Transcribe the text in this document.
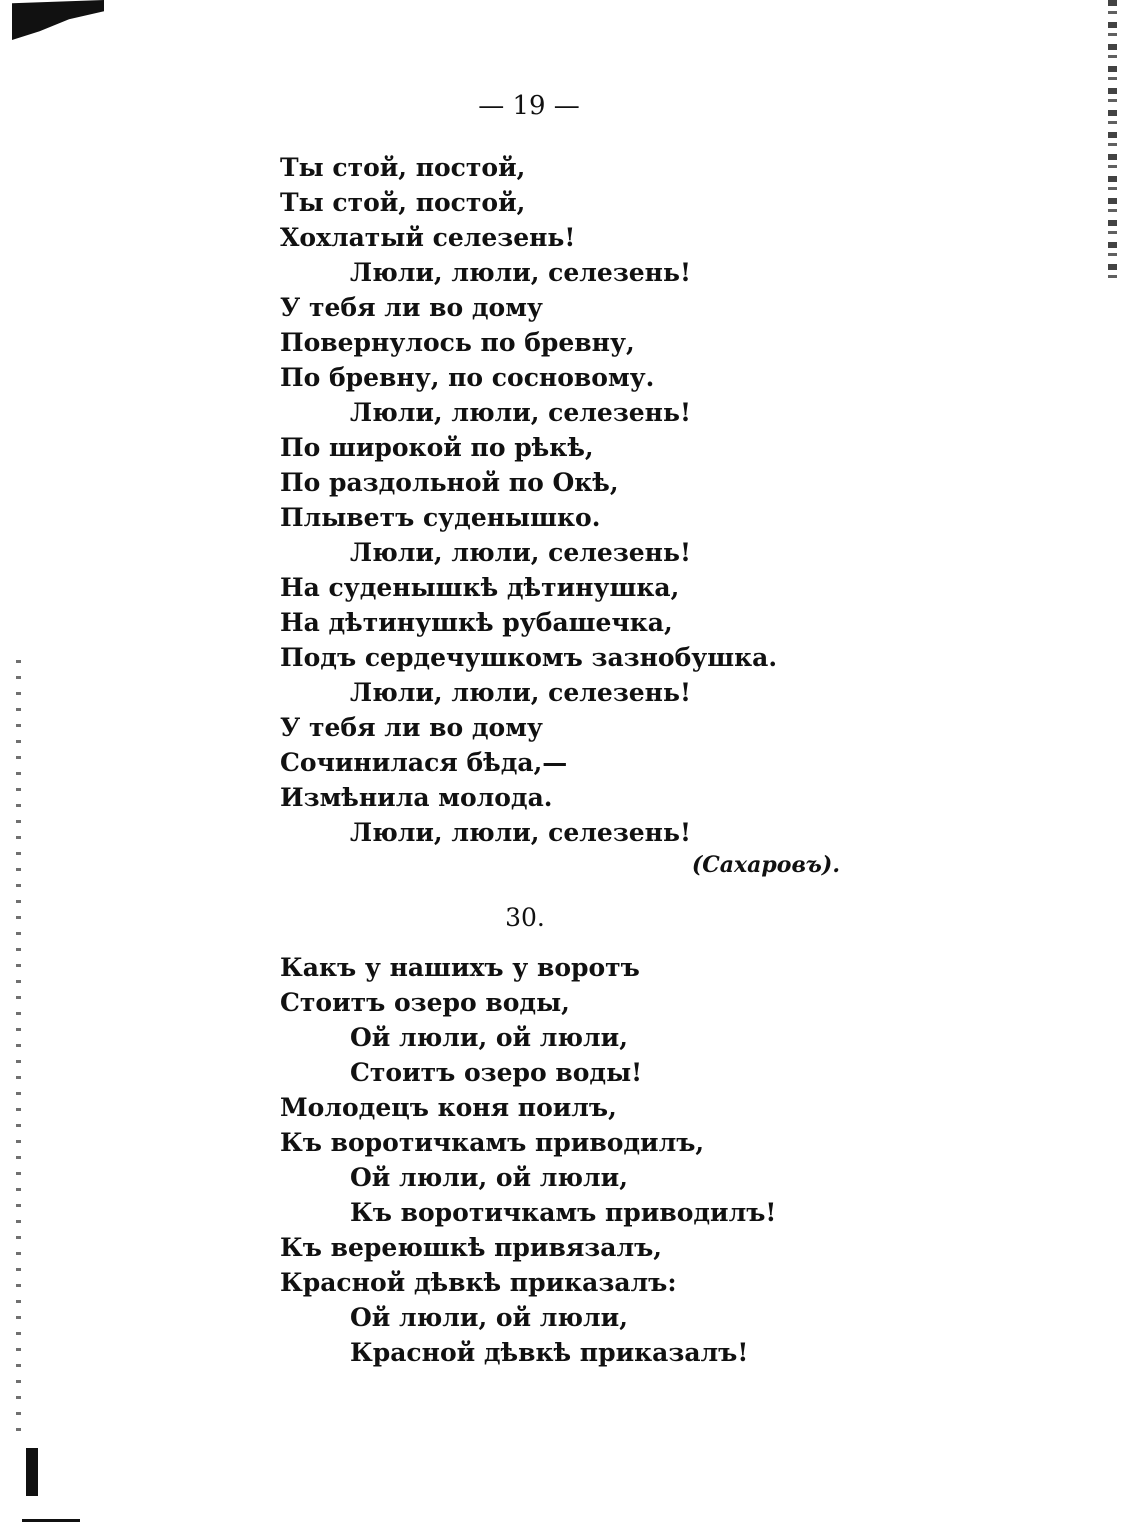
— 19 —
Ты стой, постой,
Ты стой, постой,
Хохлатый селезень!
Люли, люли, селезень!
У тебя ли во дому
Повернулось по бревну,
По бревну, по сосновому.
Люли, люли, селезень!
По широкой по рѣкѣ,
По раздольной по Окѣ,
Плыветъ суденышко.
Люли, люли, селезень!
На суденышкѣ дѣтинушка,
На дѣтинушкѣ рубашечка,
Подъ сердечушкомъ зазнобушка.
Люли, люли, селезень!
У тебя ли во дому
Сочинилася бѣда,—
Измѣнила молода.
Люли, люли, селезень!
(Сахаровъ).
30.
Какъ у нашихъ у воротъ
Стоитъ озеро воды,
Ой люли, ой люли,
Стоитъ озеро воды!
Молодецъ коня поилъ,
Къ воротичкамъ приводилъ,
Ой люли, ой люли,
Къ воротичкамъ приводилъ!
Къ вереюшкѣ привязалъ,
Красной дѣвкѣ приказалъ:
Ой люли, ой люли,
Красной дѣвкѣ приказалъ!
